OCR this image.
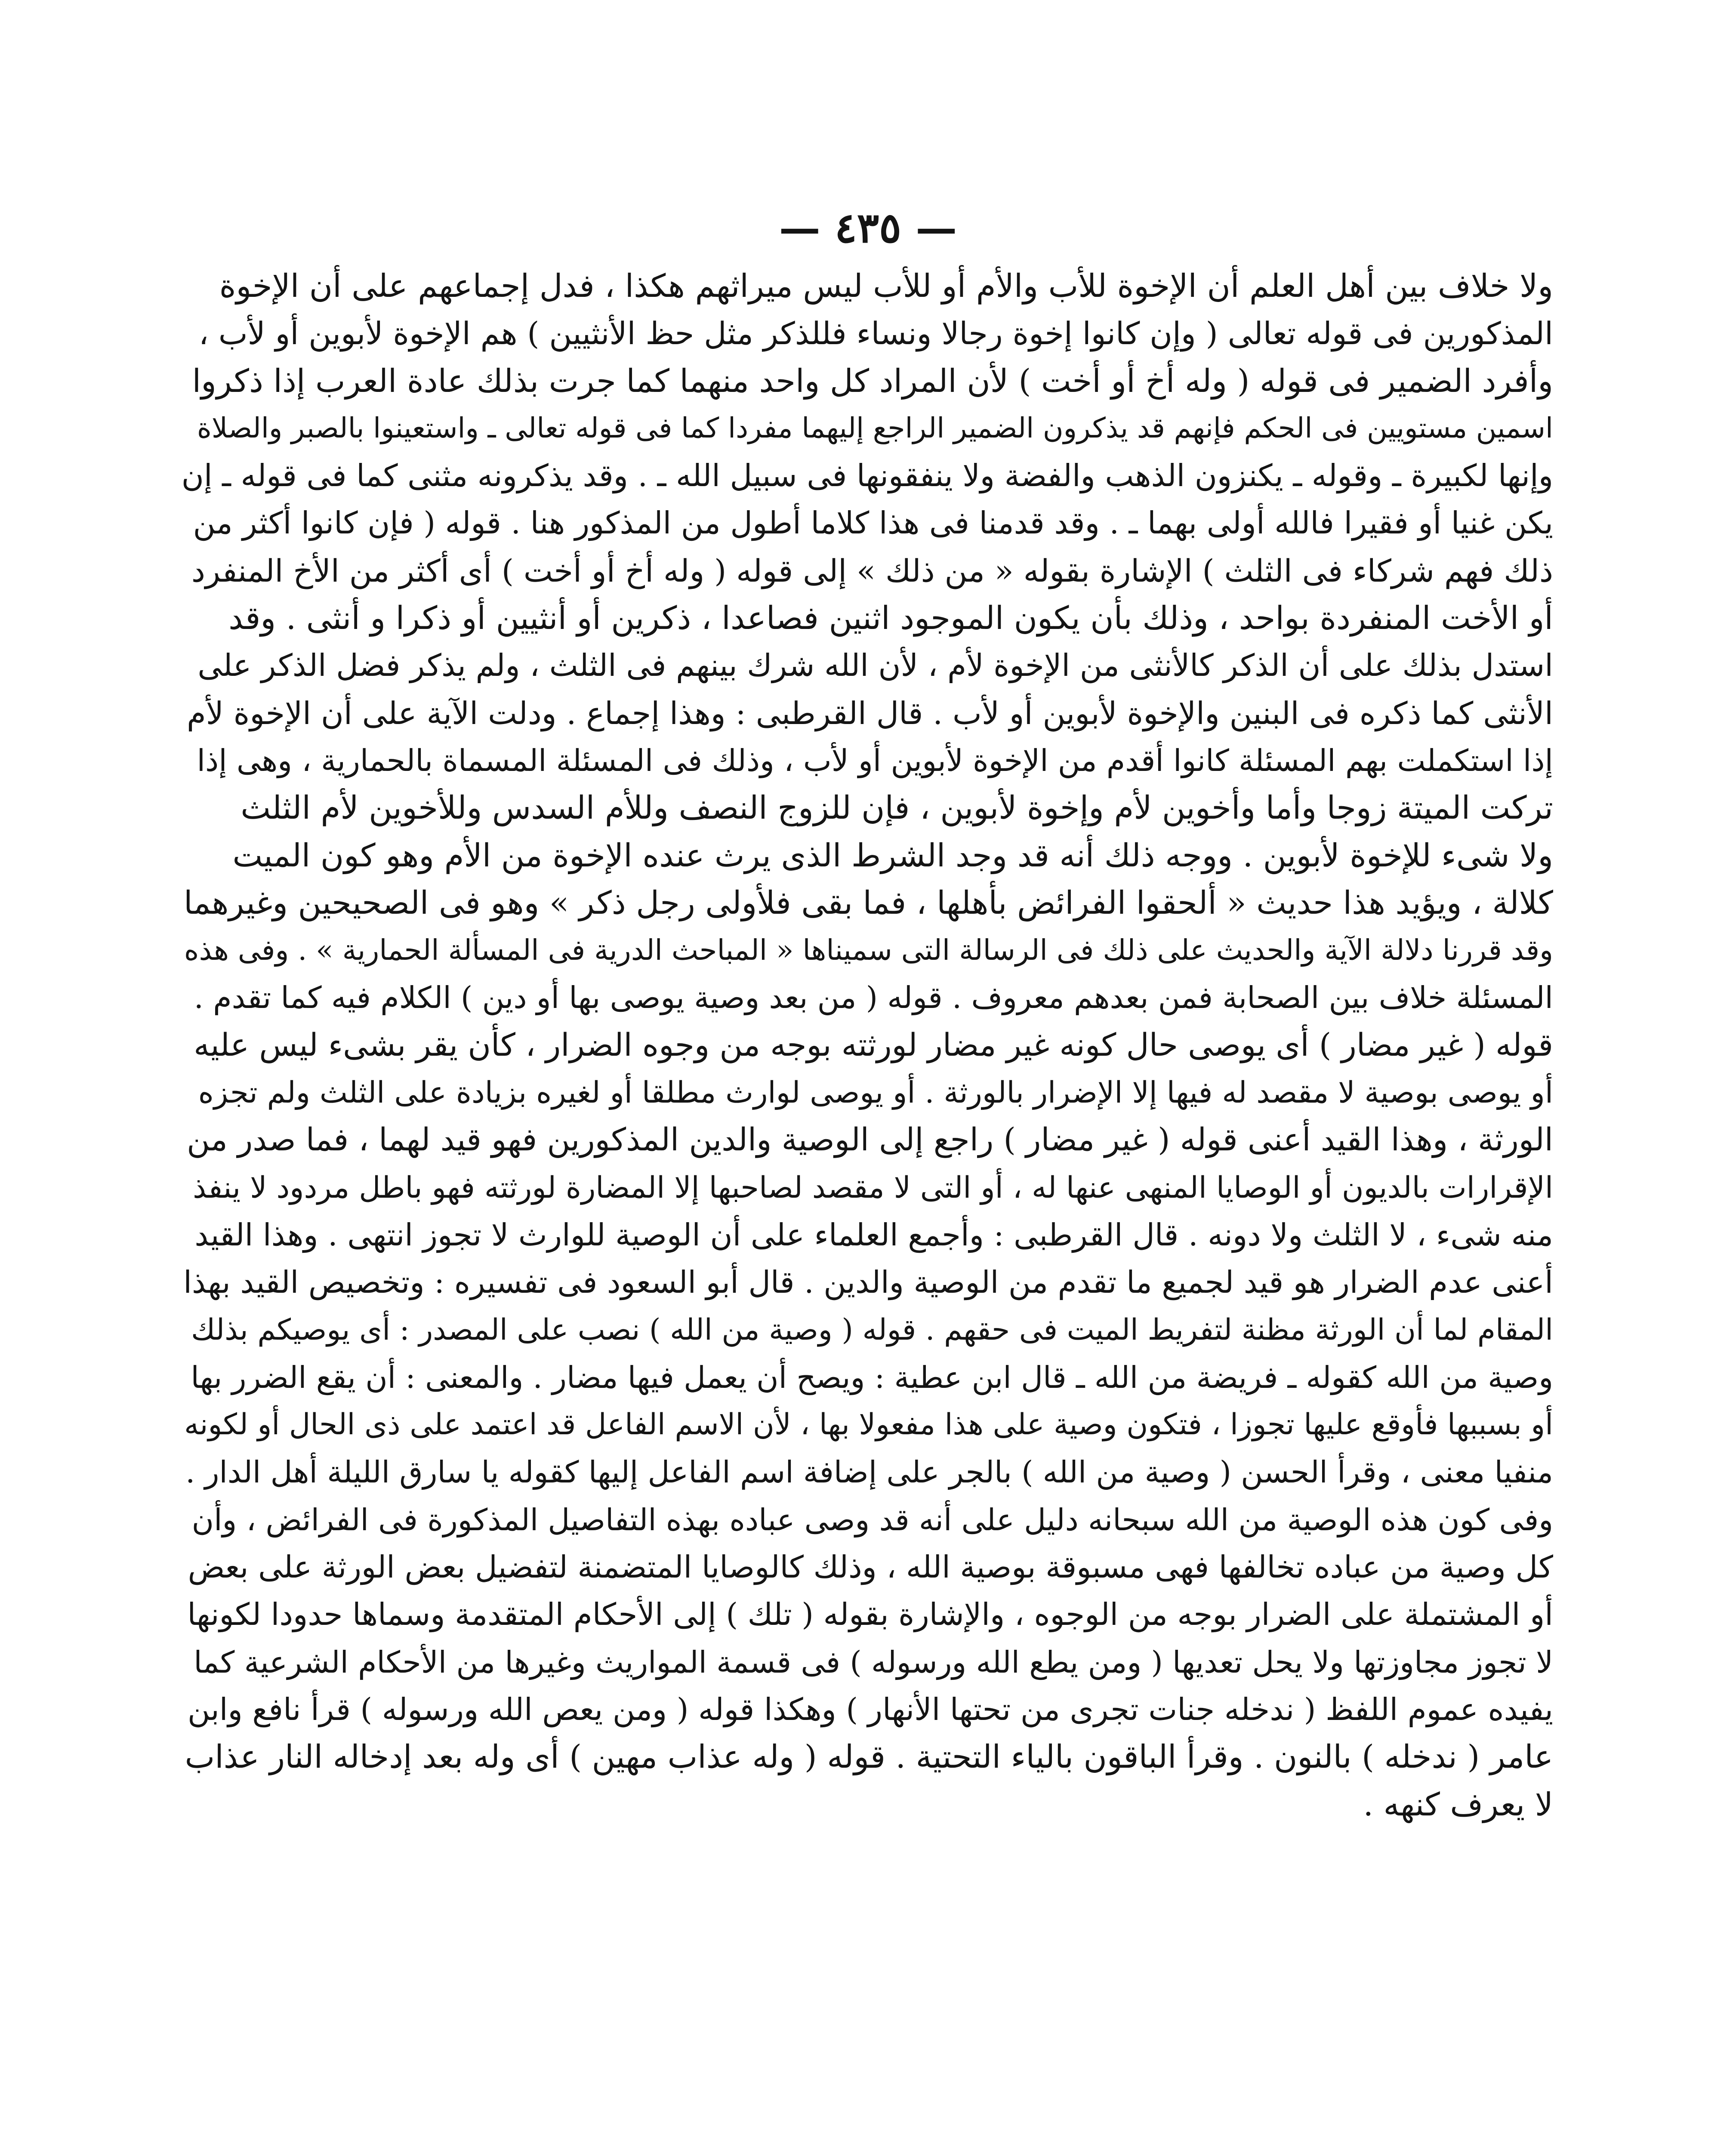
— ٤٣٥ —
ولا خلاف بين أهل العلم أن الإخوة للأب والأم أو للأب ليس ميراثهم هكذا ، فدل إجماعهم على أن الإخوة
المذكورين فى قوله تعالى ( وإن كانوا إخوة رجالا ونساء فللذكر مثل حظ الأنثيين ) هم الإخوة لأبوين أو لأب ،
وأفرد الضمير فى قوله ( وله أخ أو أخت ) لأن المراد كل واحد منهما كما جرت بذلك عادة العرب إذا ذكروا
اسمين مستويين فى الحكم فإنهم قد يذكرون الضمير الراجع إليهما مفردا كما فى قوله تعالى ـ واستعينوا بالصبر والصلاة
وإنها لكبيرة ـ وقوله ـ يكنزون الذهب والفضة ولا ينفقونها فى سبيل الله ـ . وقد يذكرونه مثنى كما فى قوله ـ إن
يكن غنيا أو فقيرا فالله أولى بهما ـ . وقد قدمنا فى هذا كلاما أطول من المذكور هنا . قوله ( فإن كانوا أكثر من
ذلك فهم شركاء فى الثلث ) الإشارة بقوله « من ذلك » إلى قوله ( وله أخ أو أخت ) أى أكثر من الأخ المنفرد
أو الأخت المنفردة بواحد ، وذلك بأن يكون الموجود اثنين فصاعدا ، ذكرين أو أنثيين أو ذكرا و أنثى . وقد
استدل بذلك على أن الذكر كالأنثى من الإخوة لأم ، لأن الله شرك بينهم فى الثلث ، ولم يذكر فضل الذكر على
الأنثى كما ذكره فى البنين والإخوة لأبوين أو لأب . قال القرطبى : وهذا إجماع . ودلت الآية على أن الإخوة لأم
إذا استكملت بهم المسئلة كانوا أقدم من الإخوة لأبوين أو لأب ، وذلك فى المسئلة المسماة بالحمارية ، وهى إذا
تركت الميتة زوجا وأما وأخوين لأم وإخوة لأبوين ، فإن للزوج النصف وللأم السدس وللأخوين لأم الثلث
ولا شىء للإخوة لأبوين . ووجه ذلك أنه قد وجد الشرط الذى يرث عنده الإخوة من الأم وهو كون الميت
كلالة ، ويؤيد هذا حديث « ألحقوا الفرائض بأهلها ، فما بقى فلأولى رجل ذكر » وهو فى الصحيحين وغيرهما
وقد قررنا دلالة الآية والحديث على ذلك فى الرسالة التى سميناها « المباحث الدرية فى المسألة الحمارية » . وفى هذه
المسئلة خلاف بين الصحابة فمن بعدهم معروف . قوله ( من بعد وصية يوصى بها أو دين ) الكلام فيه كما تقدم .
قوله ( غير مضار ) أى يوصى حال كونه غير مضار لورثته بوجه من وجوه الضرار ، كأن يقر بشىء ليس عليه
أو يوصى بوصية لا مقصد له فيها إلا الإضرار بالورثة . أو يوصى لوارث مطلقا أو لغيره بزيادة على الثلث ولم تجزه
الورثة ، وهذا القيد أعنى قوله ( غير مضار ) راجع إلى الوصية والدين المذكورين فهو قيد لهما ، فما صدر من
الإقرارات بالديون أو الوصايا المنهى عنها له ، أو التى لا مقصد لصاحبها إلا المضارة لورثته فهو باطل مردود لا ينفذ
منه شىء ، لا الثلث ولا دونه . قال القرطبى : وأجمع العلماء على أن الوصية للوارث لا تجوز انتهى . وهذا القيد
أعنى عدم الضرار هو قيد لجميع ما تقدم من الوصية والدين . قال أبو السعود فى تفسيره : وتخصيص القيد بهذا
المقام لما أن الورثة مظنة لتفريط الميت فى حقهم . قوله ( وصية من الله ) نصب على المصدر : أى يوصيكم بذلك
وصية من الله كقوله ـ فريضة من الله ـ قال ابن عطية : ويصح أن يعمل فيها مضار . والمعنى : أن يقع الضرر بها
أو بسببها فأوقع عليها تجوزا ، فتكون وصية على هذا مفعولا بها ، لأن الاسم الفاعل قد اعتمد على ذى الحال أو لكونه
منفيا معنى ، وقرأ الحسن ( وصية من الله ) بالجر على إضافة اسم الفاعل إليها كقوله يا سارق الليلة أهل الدار .
وفى كون هذه الوصية من الله سبحانه دليل على أنه قد وصى عباده بهذه التفاصيل المذكورة فى الفرائض ، وأن
كل وصية من عباده تخالفها فهى مسبوقة بوصية الله ، وذلك كالوصايا المتضمنة لتفضيل بعض الورثة على بعض
أو المشتملة على الضرار بوجه من الوجوه ، والإشارة بقوله ( تلك ) إلى الأحكام المتقدمة وسماها حدودا لكونها
لا تجوز مجاوزتها ولا يحل تعديها ( ومن يطع الله ورسوله ) فى قسمة المواريث وغيرها من الأحكام الشرعية كما
يفيده عموم اللفظ ( ندخله جنات تجرى من تحتها الأنهار ) وهكذا قوله ( ومن يعص الله ورسوله ) قرأ نافع وابن
عامر ( ندخله ) بالنون . وقرأ الباقون بالياء التحتية . قوله ( وله عذاب مهين ) أى وله بعد إدخاله النار عذاب
لا يعرف كنهه .
